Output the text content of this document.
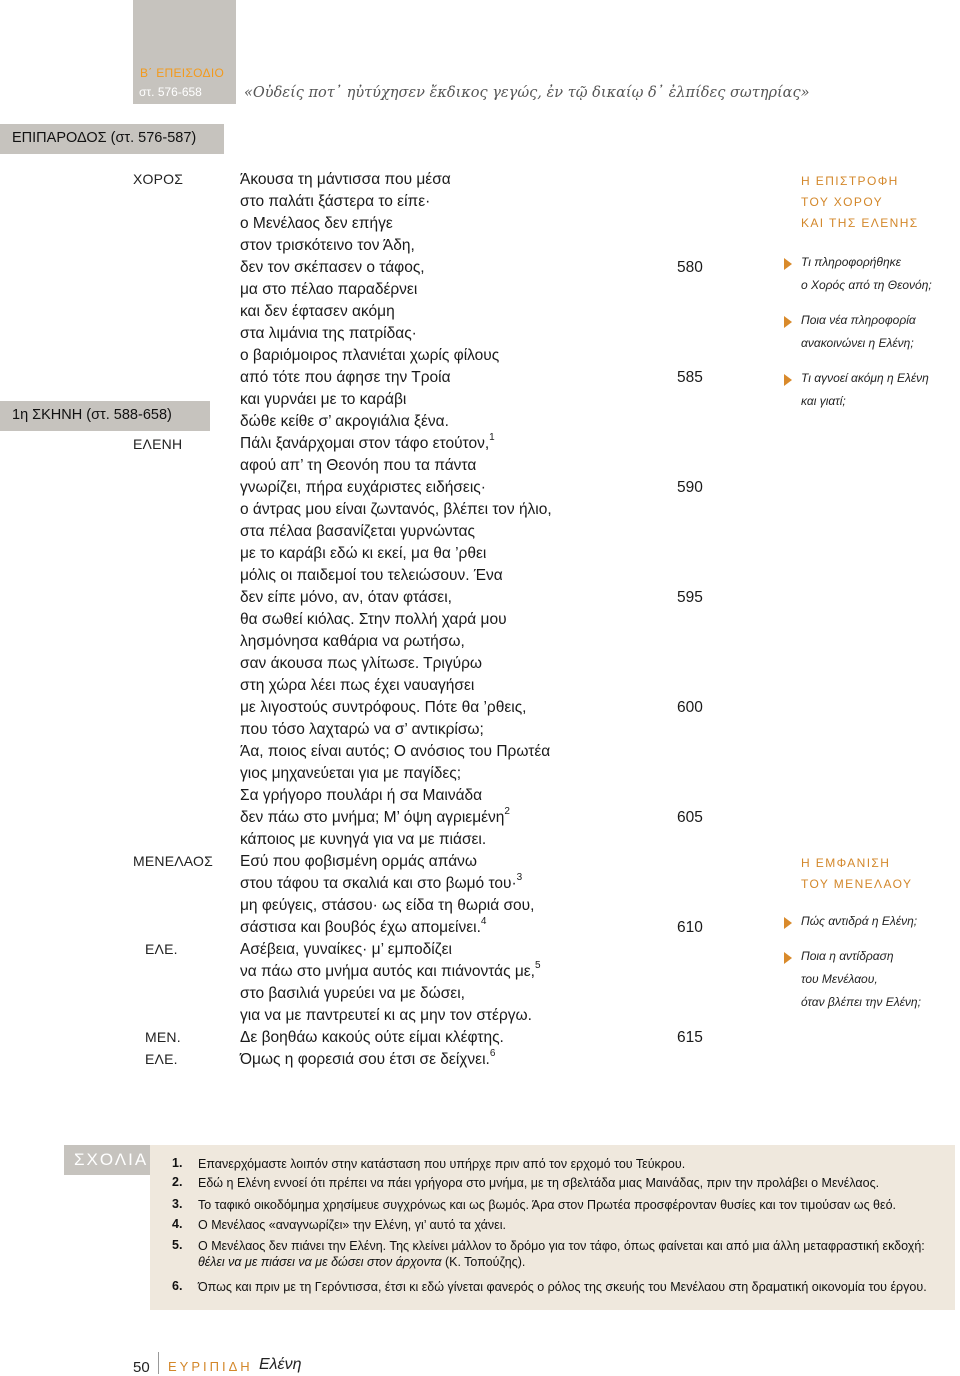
Β΄ ΕΠΕΙΣΟΔΙΟ
στ. 576-658	«Οὐδείς ποτ᾽ ηὐτύχησεν ἔκδικος γεγώς, ἐν τῷ δικαίῳ δ᾽ ἐλπίδες σωτηρίας»
ΕΠΙΠΑΡΟΔΟΣ (στ. 576-587)
1η ΣΚΗΝΗ (στ. 588-658)
ΧΟΡΟΣ
ΕΛΕΝΗ
ΜΕΝΕΛΑΟΣ
ΕΛΕ.
ΜΕΝ.
ΕΛΕ.
Άκουσα τη μάντισσα που μέσα
στο παλάτι ξάστερα το είπε·
ο Μενέλαος δεν επήγε
στον τρισκότεινο τον Άδη,
δεν τον σκέπασεν ο τάφος,
μα στο πέλαο παραδέρνει
και δεν έφτασεν ακόμη
στα λιμάνια της πατρίδας·
ο βαριόμοιρος πλανιέται χωρίς φίλους
από τότε που άφησε την Τροία
και γυρνάει με το καράβι
δώθε κείθε σ’ ακρογιάλια ξένα.
Πάλι ξανάρχομαι στον τάφο ετούτον,$^1$
αφού απ’ τη Θεονόη που τα πάντα
γνωρίζει, πήρα ευχάριστες ειδήσεις·
ο άντρας μου είναι ζωντανός, βλέπει τον ήλιο,
στα πέλαα βασανίζεται γυρνώντας
με το καράβι εδώ κι εκεί, μα θα ’ρθει
μόλις οι παιδεμοί του τελειώσουν. Ένα
δεν είπε μόνο, αν, όταν φτάσει,
θα σωθεί κιόλας. Στην πολλή χαρά μου
λησμόνησα καθάρια να ρωτήσω,
σαν άκουσα πως γλίτωσε. Τριγύρω
στη χώρα λέει πως έχει ναυαγήσει
με λιγοστούς συντρόφους. Πότε θα ’ρθεις,
που τόσο λαχταρώ να σ’ αντικρίσω;
Άα, ποιος είναι αυτός; Ο ανόσιος του Πρωτέα
γιος μηχανεύεται για με παγίδες;
Σα γρήγορο πουλάρι ή σα Μαινάδα
δεν πάω στο μνήμα; Μ’ όψη αγριεμένη$^2$
κάποιος με κυνηγά για να με πιάσει.
Εσύ που φοβισμένη ορμάς απάνω
στου τάφου τα σκαλιά και στο βωμό του·$^3$
μη φεύγεις, στάσου· ως είδα τη θωριά σου,
σάστισα και βουβός έχω απομείνει.$^4$
Ασέβεια, γυναίκες· μ’ εμποδίζει
να πάω στο μνήμα αυτός και πιάνοντάς με,$^5$
στο βασιλιά γυρεύει να με δώσει,
για να με παντρευτεί κι ας μην τον στέργω.
Δε βοηθάω κακούς ούτε είμαι κλέφτης.
Όμως η φορεσιά σου έτσι σε δείχνει.$^6$
580
585
590
595
600
605
610
615
Η ΕΠΙΣΤΡΟΦΗ
ΤΟΥ ΧΟΡΟΥ
ΚΑΙ ΤΗΣ ΕΛΕΝΗΣ
Τι πληροφορήθηκε
ο Χορός από τη Θεονόη;
Ποια νέα πληροφορία
ανακοινώνει η Ελένη;
Τι αγνοεί ακόμη η Ελένη
και γιατί;
Η ΕΜΦΑΝΙΣΗ
ΤΟΥ ΜΕΝΕΛΑΟΥ
Πώς αντιδρά η Ελένη;
Ποια η αντίδραση
του Μενέλαου,
όταν βλέπει την Ελένη;
ΣΧΟΛΙΑ 1. Επανερχόμαστε λοιπόν στην κατάσταση που υπήρχε πριν από τον ερχομό του Τεύκρου.
2. Εδώ η Ελένη εννοεί ότι πρέπει να πάει γρήγορα στο μνήμα, με τη σβελτάδα μιας Μαινάδας, πριν την προλάβει ο Μενέλαος.
3. Το ταφικό οικοδόμημα χρησίμευε συγχρόνως και ως βωμός. Άρα στον Πρωτέα προσφέρονταν θυσίες και τον τιμούσαν ως θεό.
4. Ο Μενέλαος «αναγνωρίζει» την Ελένη, γι’ αυτό τα χάνει.
5. Ο Μενέλαος δεν πιάνει την Ελένη. Της κλείνει μάλλον το δρόμο για τον τάφο, όπως φαίνεται και από μια άλλη μεταφραστική εκδοχή:
θέλει να με πιάσει να με δώσει στον άρχοντα (Κ. Τοπούζης).
6. Όπως και πριν με τη Γερόντισσα, έτσι κι εδώ γίνεται φανερός ο ρόλος της σκευής του Μενέλαου στη δραματική οικονομία του έργου.
50 ΕΥΡΙΠΙΔΗ Ελένη
